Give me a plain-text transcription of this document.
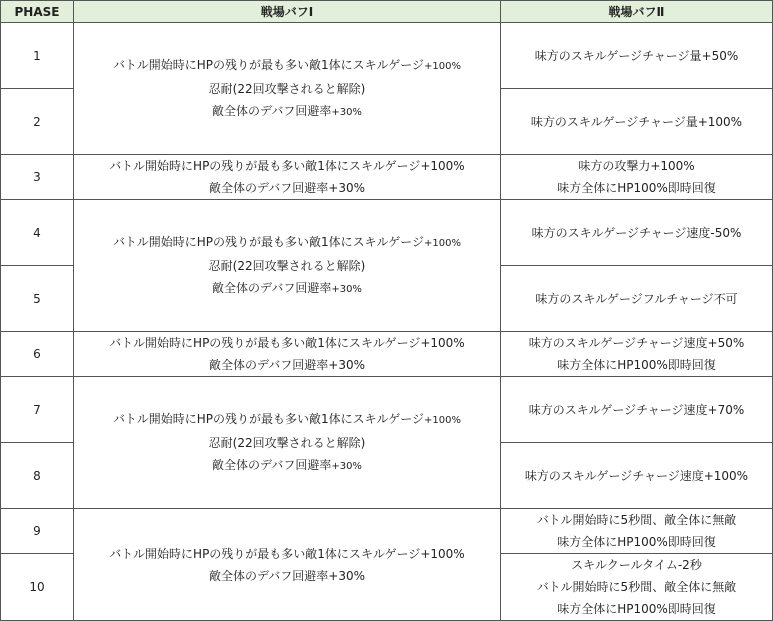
PHASE	戦場バフⅠ	戦場バフⅡ
1	バトル開始時にHPの残りが最も多い敵1体にスキルゲージ+100%
忍耐(22回攻撃されると解除)
敵全体のデバフ回避率+30%	味方のスキルゲージチャージ量+50%

2		味方のスキルゲージチャージ量+100%

3	バトル開始時にHPの残りが最も多い敵1体にスキルゲージ+100%
敵全体のデバフ回避率+30%	味方の攻撃力+100%
味方全体にHP100%即時回復

4	バトル開始時にHPの残りが最も多い敵1体にスキルゲージ+100%
忍耐(22回攻撃されると解除)
敵全体のデバフ回避率+30%	味方のスキルゲージチャージ速度-50%

5		味方のスキルゲージフルチャージ不可

6	バトル開始時にHPの残りが最も多い敵1体にスキルゲージ+100%
敵全体のデバフ回避率+30%	味方のスキルゲージチャージ速度+50%
味方全体にHP100%即時回復

7	バトル開始時にHPの残りが最も多い敵1体にスキルゲージ+100%
忍耐(22回攻撃されると解除)
敵全体のデバフ回避率+30%	味方のスキルゲージチャージ速度+70%

8		味方のスキルゲージチャージ速度+100%

9	バトル開始時にHPの残りが最も多い敵1体にスキルゲージ+100%
敵全体のデバフ回避率+30%	バトル開始時に5秒間、敵全体に無敵
味方全体にHP100%即時回復

10		スキルクールタイム-2秒
バトル開始時に5秒間、敵全体に無敵
味方全体にHP100%即時回復
